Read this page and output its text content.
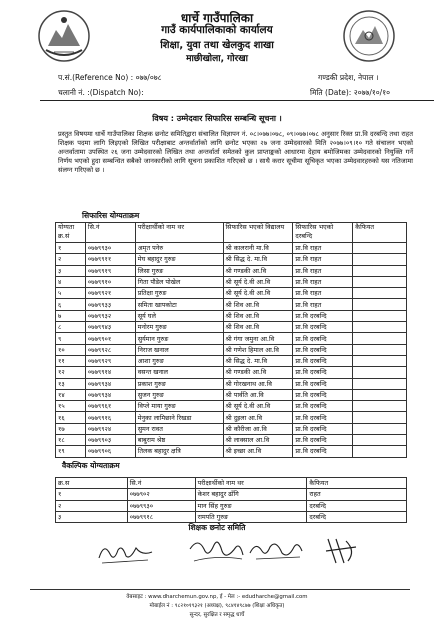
धार्चे गाउँपालिका
गाउँ कार्यपालिकाको कार्यालय
शिक्षा, युवा तथा खेलकुद शाखा
माछीखोला, गोरखा
प.सं.(Reference No) : ०७७/०७८
चलानी नं. :(Dispatch No):
गण्डकी प्रदेश, नेपाल ।
मिति (Date): २०७७/१०/१०
विषय : उम्मेदवार सिफारिस सम्बन्धि सूचना ।
प्रस्तुत विषयमा धार्चे गाउँपालिका शिक्षक छनोट समितिद्वारा संचालित विज्ञापन नं. ०८।०७७।०७८, ०९।०७७।०७८ अनुसार रिक्त प्रा.वि दरबन्दि तथा राहत शिक्षक पदमा लागि लिइएको लिखित परीक्षाबाट अन्तर्वार्ताको लागि छनोट भएका २७ जना उम्मेदवारको मिति २०७७।०९।१० गते संचालन भएको अन्तर्वातामा उपस्थित २६ जना उम्मेदवारको लिखित तथा अन्तर्वार्ता समेतको कुल प्राप्ताङ्कको आधारमा देहाय बमोजिमका उम्मेदवारको नियुक्ति गर्ने निर्णय भएको हुदा सम्बन्धित सबैको जानकारीको लागि सूचना प्रकाशित गरिएको छ । साथै करार सूचीमा सूचिकृत भएका उम्मेदवारहरुको यस नतिजामा संलग्न गरिएको छ ।
सिफारिस योग्यताक्रम
योग्यता क्र.सं	सि.नं	परीक्षार्थीको नाम थर	सिफारिस भएको विद्यालय	सिफारिस भएको दरबन्दि	कैफियत
१	०७७९९३०	अमृत पनेरु	श्री कालरानी मा.वि	प्रा.वि राहत	
२	०७७९९११	मेघ बहादुर गुरुङ	श्री सिद्ध दे. मा.वि	प्रा.वि राहत	
३	०७७९९१९	लिसा गुरुङ	श्री गण्डकी आ.वि	प्रा.वि राहत	
४	०७७९९१०	गिता पौडेल पोखेल	श्री सूर्य दे.वी आ.वि	प्रा.वि राहत	
५	०७७९९२१	प्रतिक्षा गुरुङ	श्री सूर्य दे.वी आ.वि	प्रा.वि राहत	
६	०७७९९३३	समिता खापकोटा	श्री शिव आ.वि	प्रा.वि राहत	
७	०७७९९३२	सूर्य घले	श्री शिव आ.वि	प्रा.वि दरबन्दि	
८	०७७९९४३	मनोरम गुरुङ	श्री शिव आ.वि	प्रा.वि दरबन्दि	
९	०७७९९०१	सुर्यमान गुरुङ	श्री गंगा जमुना आ.वि	प्रा.वि दरबन्दि	
१०	०७७९९२८	निराज खनाल	श्री गणेश हिमाल आ.वि	प्रा.वि दरबन्दि	
११	०७७९९२९	आशा गुरुङ	श्री सिद्ध दे. मा.वि	प्रा.वि दरबन्दि	
१२	०७७९९१४	वसन्त खनाल	श्री गण्डकी आ.वि	प्रा.वि दरबन्दि	
१३	०७७९९३४	प्रकाश गुरुङ	श्री गोरखनाथ आ.वि	प्रा.वि दरबन्दि	
१४	०७७९९३४	सुजन गुरुङ	श्री पार्वति आ.वि	प्रा.वि दरबन्दि	
१५	०७७९९६१	विप्ले माया गुरुङ	श्री सूर्य दे.वी आ.वि	प्रा.वि दरबन्दि	
१६	०७७९९१६	मेनुका लामिछाने रिखडा	श्री दुइला आ.वि	प्रा.वि दरबन्दि	
१७	०७७९९२४	सुमन रावत	श्री कौरीजा आ.वि	प्रा.वि दरबन्दि	
१८	०७७९९०३	बाबुराम श्रेष्ठ	श्री लाक्साल आ.वि	प्रा.वि दरबन्दि	
१९	०७७९९०६	तिलक बहादुर क्षत्रि	श्री इच्छा आ.वि	प्रा.वि दरबन्दि	
वैकल्पिक योग्यताक्रम
क्र.स	सि.नं	परीक्षार्थीको नाम थर	कैफियत
१	०७७९०२	केशर बहादुर ढाँगि	राहत
२	०७७९९३०	मान सिंह गुरुङ	दरबन्दि
३	०७७९९१८	रामपति गुरुङ	दरबन्दि
शिक्षक छनोट समिति
वेबसाइट : www.dharchemun.gov.np, ई - मेल :- edudharche@gmail.com
मोबाईल नं : ९८२१०१९३२१ (अध्यक्ष), ९८४१४९८७७ (शिक्षा अधिकृत)
सुन्दर, सुरक्षित र समृद्ध धार्चे
